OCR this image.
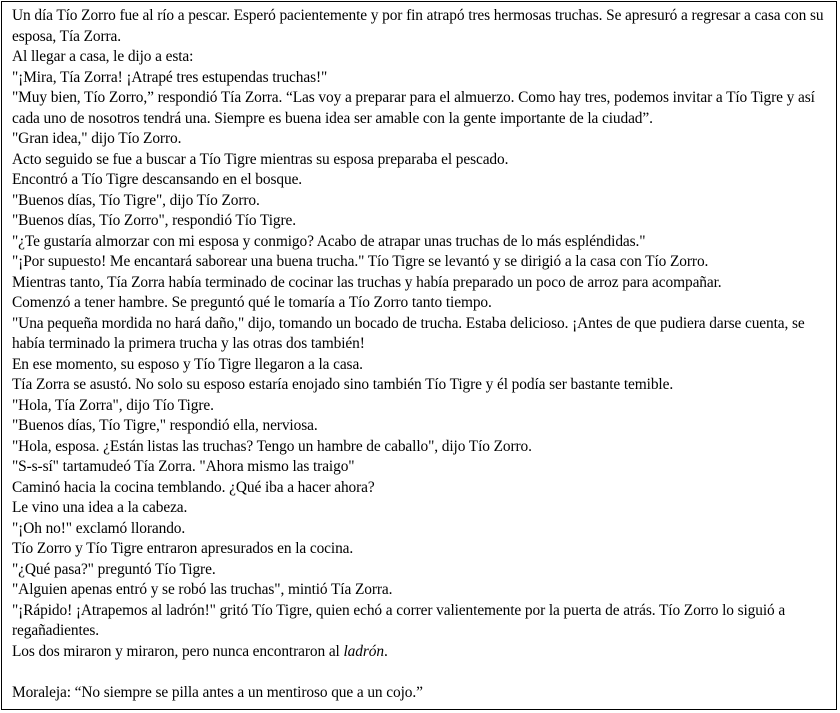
Un día Tío Zorro fue al río a pescar. Esperó pacientemente y por fin atrapó tres hermosas truchas. Se apresuró a regresar a casa con su esposa, Tía Zorra.

Al llegar a casa, le dijo a esta:

"¡Mira, Tía Zorra! ¡Atrapé tres estupendas truchas!"

"Muy bien, Tío Zorro,” respondió Tía Zorra. “Las voy a preparar para el almuerzo. Como hay tres, podemos invitar a Tío Tigre y así cada uno de nosotros tendrá una. Siempre es buena idea ser amable con la gente importante de la ciudad”.

"Gran idea," dijo Tío Zorro.

Acto seguido se fue a buscar a Tío Tigre mientras su esposa preparaba el pescado.

Encontró a Tío Tigre descansando en el bosque.

"Buenos días, Tío Tigre", dijo Tío Zorro.

"Buenos días, Tío Zorro", respondió Tío Tigre.

"¿Te gustaría almorzar con mi esposa y conmigo? Acabo de atrapar unas truchas de lo más espléndidas."

"¡Por supuesto! Me encantará saborear una buena trucha." Tío Tigre se levantó y se dirigió a la casa con Tío Zorro.

Mientras tanto, Tía Zorra había terminado de cocinar las truchas y había preparado un poco de arroz para acompañar.

Comenzó a tener hambre. Se preguntó qué le tomaría a Tío Zorro tanto tiempo.

"Una pequeña mordida no hará daño," dijo, tomando un bocado de trucha. Estaba delicioso. ¡Antes de que pudiera darse cuenta, se había terminado la primera trucha y las otras dos también!

En ese momento, su esposo y Tío Tigre llegaron a la casa.

Tía Zorra se asustó. No solo su esposo estaría enojado sino también Tío Tigre y él podía ser bastante temible.

"Hola, Tía Zorra", dijo Tío Tigre.

"Buenos días, Tío Tigre," respondió ella, nerviosa.

"Hola, esposa. ¿Están listas las truchas? Tengo un hambre de caballo", dijo Tío Zorro.

"S-s-sí" tartamudeó Tía Zorra. "Ahora mismo las traigo"

Caminó hacia la cocina temblando. ¿Qué iba a hacer ahora?

Le vino una idea a la cabeza.

"¡Oh no!" exclamó llorando.

Tío Zorro y Tío Tigre entraron apresurados en la cocina.

"¿Qué pasa?" preguntó Tío Tigre.

"Alguien apenas entró y se robó las truchas", mintió Tía Zorra.

"¡Rápido! ¡Atrapemos al ladrón!" gritó Tío Tigre, quien echó a correr valientemente por la puerta de atrás. Tío Zorro lo siguió a regañadientes.

Los dos miraron y miraron, pero nunca encontraron al ladrón.

Moraleja: “No siempre se pilla antes a un mentiroso que a un cojo.”
